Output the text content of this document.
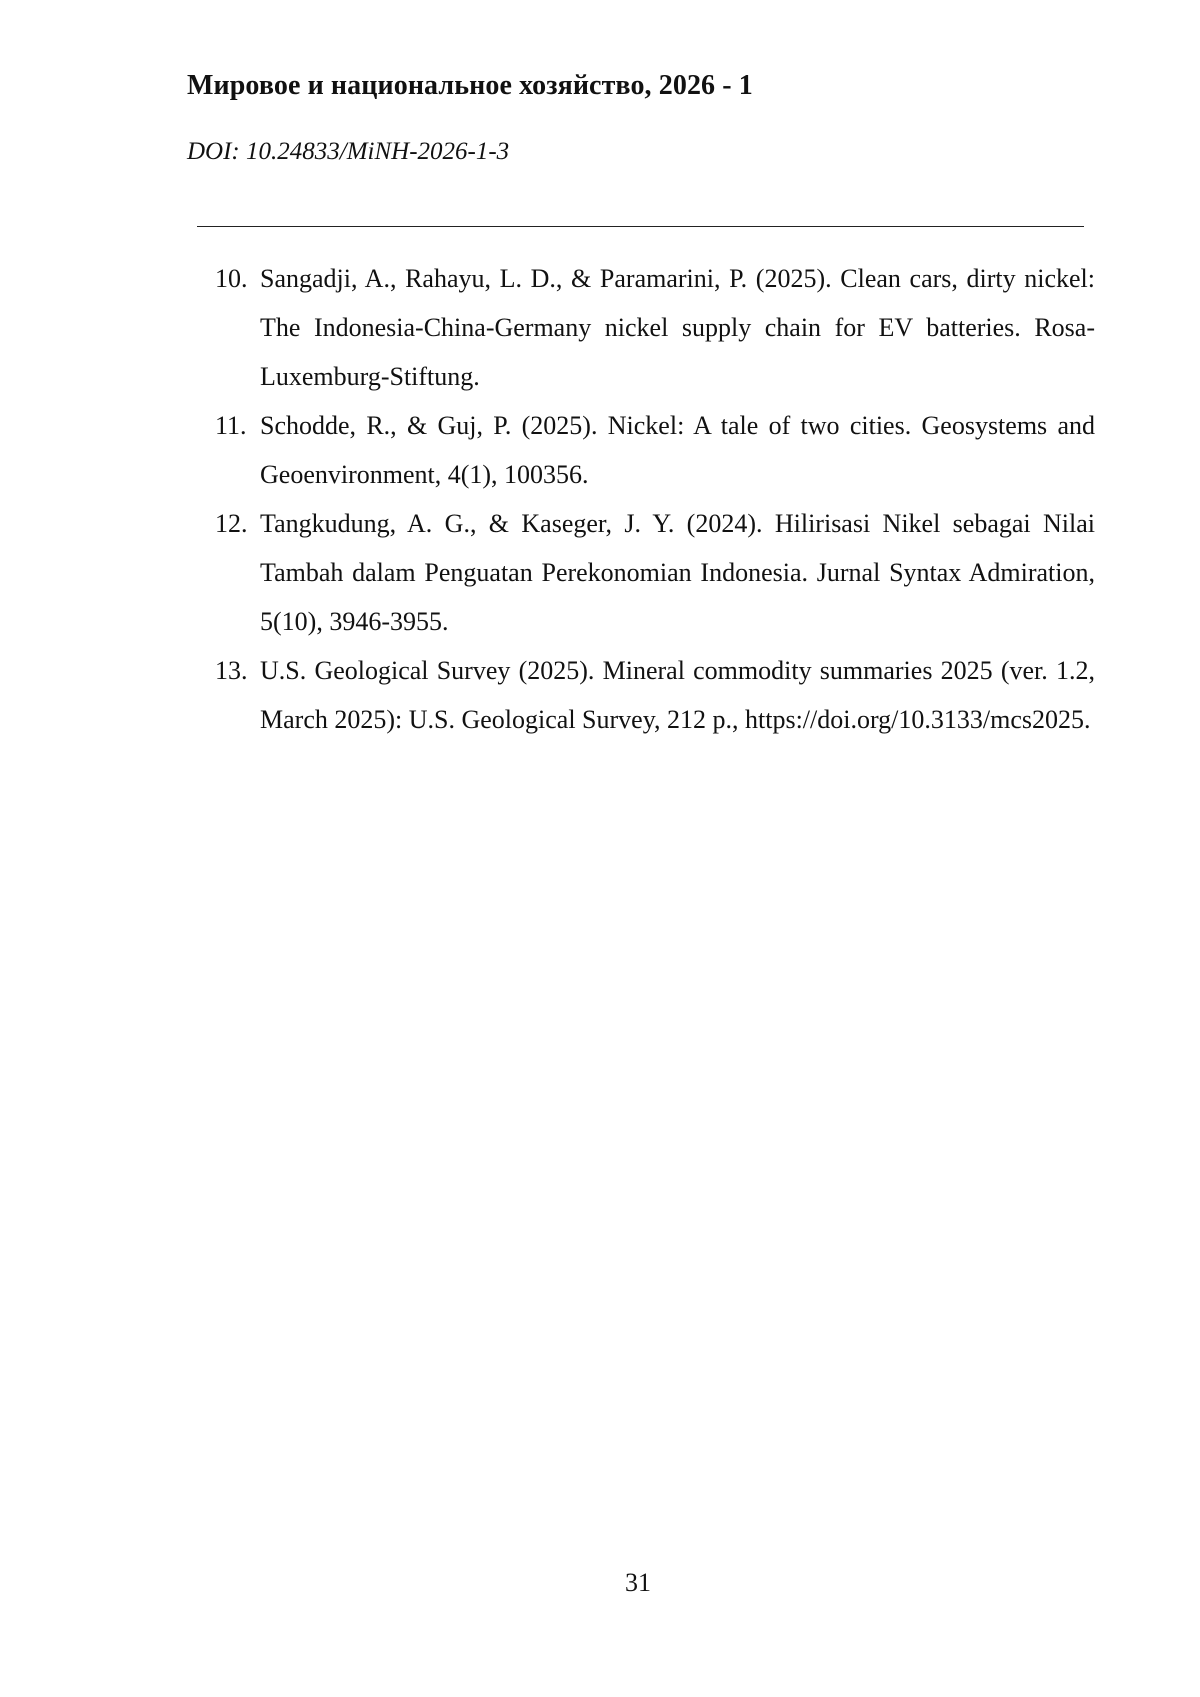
Мировое и национальное хозяйство, 2026 - 1
DOI: 10.24833/MiNH-2026-1-3
10. Sangadji, A., Rahayu, L. D., & Paramarini, P. (2025). Clean cars, dirty nickel: The Indonesia-China-Germany nickel supply chain for EV batteries. Rosa-Luxemburg-Stiftung.
11. Schodde, R., & Guj, P. (2025). Nickel: A tale of two cities. Geosystems and Geoenvironment, 4(1), 100356.
12. Tangkudung, A. G., & Kaseger, J. Y. (2024). Hilirisasi Nikel sebagai Nilai Tambah dalam Penguatan Perekonomian Indonesia. Jurnal Syntax Admiration, 5(10), 3946-3955.
13. U.S. Geological Survey (2025). Mineral commodity summaries 2025 (ver. 1.2, March 2025): U.S. Geological Survey, 212 p., https://doi.org/10.3133/mcs2025.
31
